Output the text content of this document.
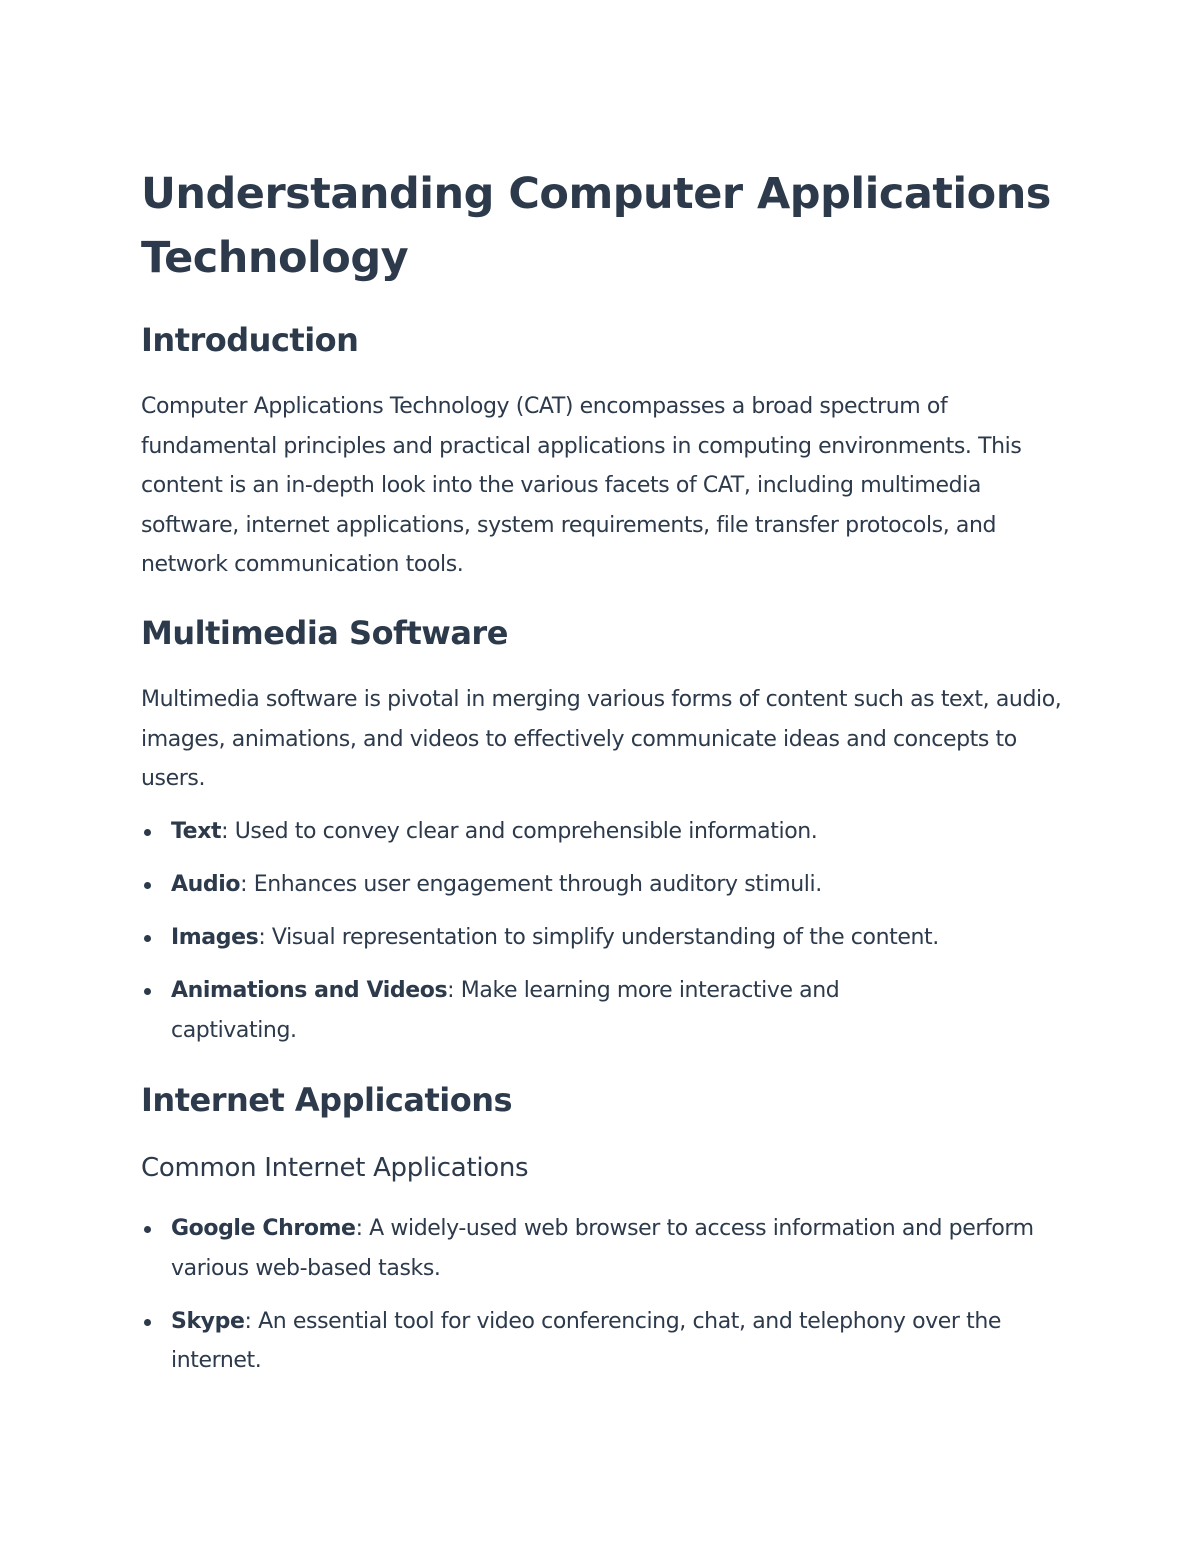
Understanding Computer Applications Technology
Introduction

Computer Applications Technology (CAT) encompasses a broad spectrum of fundamental principles and practical applications in computing environments. This content is an in-depth look into the various facets of CAT, including multimedia software, internet applications, system requirements, file transfer protocols, and network communication tools.

Multimedia Software

Multimedia software is pivotal in merging various forms of content such as text, audio, images, animations, and videos to effectively communicate ideas and concepts to users.

Text: Used to convey clear and comprehensible information.
Audio: Enhances user engagement through auditory stimuli.
Images: Visual representation to simplify understanding of the content.
Animations and Videos: Make learning more interactive and captivating.
Internet Applications
Common Internet Applications
Google Chrome: A widely-used web browser to access information and perform various web-based tasks.
Skype: An essential tool for video conferencing, chat, and telephony over the internet.
